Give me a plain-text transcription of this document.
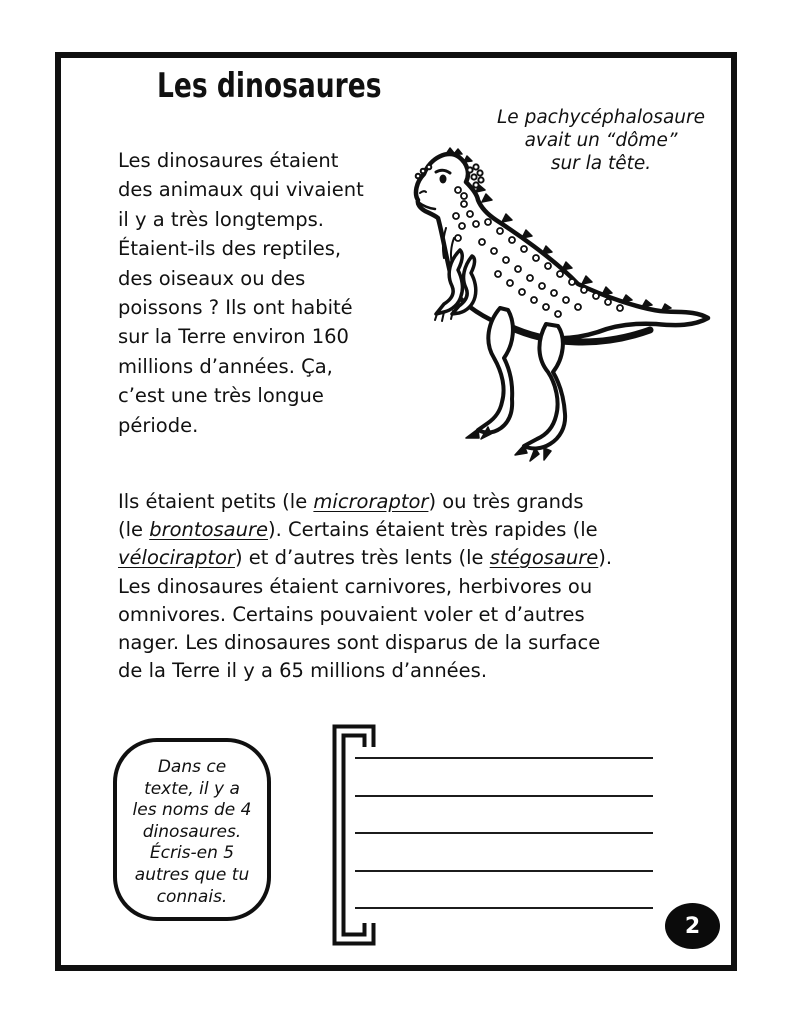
Les dinosaures
Le pachycéphalosaure
avait un “dôme”
sur la tête.
Les dinosaures étaient
des animaux qui vivaient
il y a très longtemps.
Étaient-ils des reptiles,
des oiseaux ou des
poissons ? Ils ont habité
sur la Terre environ 160
millions d’années. Ça,
c’est une très longue
période.
Ils étaient petits (le microraptor) ou très grands
(le brontosaure). Certains étaient très rapides (le
vélociraptor) et d’autres très lents (le stégosaure).
Les dinosaures étaient carnivores, herbivores ou
omnivores. Certains pouvaient voler et d’autres
nager. Les dinosaures sont disparus de la surface
de la Terre il y a 65 millions d’années.
Dans ce
texte, il y a
les noms de 4
dinosaures.
Écris-en 5
autres que tu
connais.
2
